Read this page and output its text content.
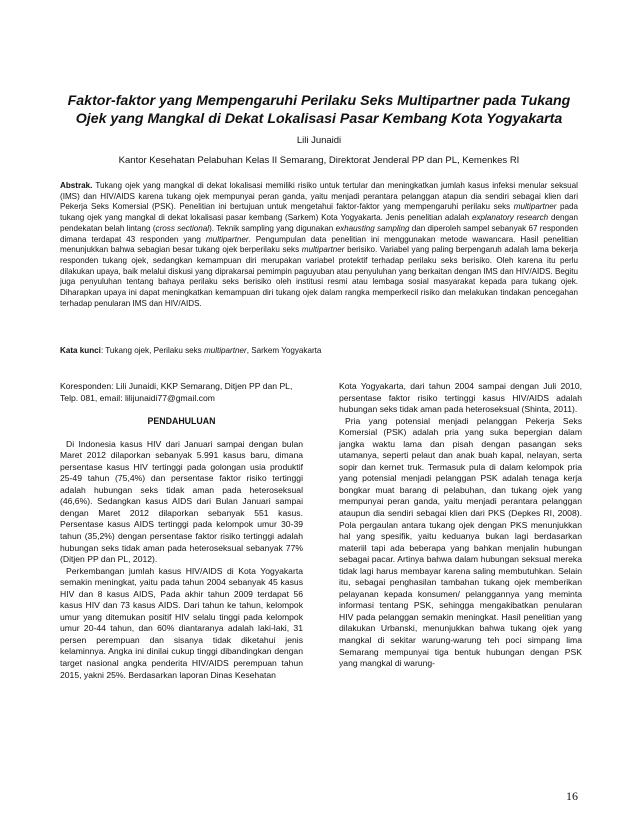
Faktor-faktor yang Mempengaruhi Perilaku Seks Multipartner pada Tukang
Ojek yang Mangkal di Dekat Lokalisasi Pasar Kembang Kota Yogyakarta
Lili Junaidi
Kantor Kesehatan Pelabuhan Kelas II Semarang, Direktorat Jenderal PP dan PL, Kemenkes RI

Abstrak. Tukang ojek yang mangkal di dekat lokalisasi memiliki risiko untuk tertular dan meningkatkan jumlah kasus infeksi menular seksual (IMS) dan HIV/AIDS karena tukang ojek mempunyai peran ganda, yaitu menjadi perantara pelanggan atapun dia sendiri sebagai klien dari Pekerja Seks Komersial (PSK). Penelitian ini bertujuan untuk mengetahui faktor-faktor yang mempengaruhi perilaku seks multipartner pada tukang ojek yang mangkal di dekat lokalisasi pasar kembang (Sarkem) Kota Yogyakarta. Jenis penelitian adalah explanatory research dengan pendekatan belah lintang (cross sectional). Teknik sampling yang digunakan exhausting sampling dan diperoleh sampel sebanyak 67 responden dimana terdapat 43 responden yang multipartner. Pengumpulan data penelitian ini menggunakan metode wawancara. Hasil penelitian menunjukkan bahwa sebagian besar tukang ojek berperilaku seks multipartner berisiko. Variabel yang paling berpengaruh adalah lama bekerja responden tukang ojek, sedangkan kemampuan diri merupakan variabel protektif terhadap perilaku seks berisiko. Oleh karena itu perlu dilakukan upaya, baik melalui diskusi yang diprakarsai pemimpin paguyuban atau penyuluhan yang berkaitan dengan IMS dan HIV/AIDS. Begitu juga penyuluhan tentang bahaya perilaku seks berisiko oleh institusi resmi atau lembaga sosial masyarakat kepada para tukang ojek. Diharapkan upaya ini dapat meningkatkan kemampuan diri tukang ojek dalam rangka memperkecil risiko dan melakukan tindakan pencegahan terhadap penularan IMS dan HIV/AIDS.

Kata kunci: Tukang ojek, Perilaku seks multipartner, Sarkem Yogyakarta

Koresponden: Lili Junaidi, KKP Semarang, Ditjen PP dan PL, Telp. 081, email: lilijunaidi77@gmail.com

PENDAHULUAN

Di Indonesia kasus HIV dari Januari sampai dengan bulan Maret 2012 dilaporkan sebanyak 5.991 kasus baru, dimana persentase kasus HIV tertinggi pada golongan usia produktif 25-49 tahun (75,4%) dan persentase faktor risiko tertinggi adalah hubungan seks tidak aman pada heteroseksual (46,6%). Sedangkan kasus AIDS dari Bulan Januari sampai dengan Maret 2012 dilaporkan sebanyak 551 kasus. Persentase kasus AIDS tertinggi pada kelompok umur 30-39 tahun (35,2%) dengan persentase faktor risiko tertinggi adalah hubungan seks tidak aman pada heteroseksual sebanyak 77% (Ditjen PP dan PL, 2012).

Perkembangan jumlah kasus HIV/AIDS di Kota Yogyakarta semakin meningkat, yaitu pada tahun 2004 sebanyak 45 kasus HIV dan 8 kasus AIDS, Pada akhir tahun 2009 terdapat 56 kasus HIV dan 73 kasus AIDS. Dari tahun ke tahun, kelompok umur yang ditemukan positif HIV selalu tinggi pada kelompok umur 20-44 tahun, dan 60% diantaranya adalah laki-laki, 31 persen perempuan dan sisanya tidak diketahui jenis kelaminnya. Angka ini dinilai cukup tinggi dibandingkan dengan target nasional angka penderita HIV/AIDS perempuan tahun 2015, yakni 25%. Berdasarkan laporan Dinas Kesehatan

Kota Yogyakarta, dari tahun 2004 sampai dengan Juli 2010, persentase faktor risiko tertinggi kasus HIV/AIDS adalah hubungan seks tidak aman pada heteroseksual (Shinta, 2011).

Pria yang potensial menjadi pelanggan Pekerja Seks Komersial (PSK) adalah pria yang suka bepergian dalam jangka waktu lama dan pisah dengan pasangan seks utamanya, seperti pelaut dan anak buah kapal, nelayan, serta sopir dan kernet truk. Termasuk pula di dalam kelompok pria yang potensial menjadi pelanggan PSK adalah tenaga kerja bongkar muat barang di pelabuhan, dan tukang ojek yang mempunyai peran ganda, yaitu menjadi perantara pelanggan ataupun dia sendiri sebagai klien dari PKS (Depkes RI, 2008). Pola pergaulan antara tukang ojek dengan PKS menunjukkan hal yang spesifik, yaitu keduanya bukan lagi berdasarkan materiil tapi ada beberapa yang bahkan menjalin hubungan sebagai pacar. Artinya bahwa dalam hubungan seksual mereka tidak lagi harus membayar karena saling membutuhkan. Selain itu, sebagai penghasilan tambahan tukang ojek memberikan pelayanan kepada konsumen/ pelanggannya yang meminta informasi tentang PSK, sehingga mengakibatkan penularan HIV pada pelanggan semakin meningkat. Hasil penelitian yang dilakukan Urbanski, menunjukkan bahwa tukang ojek yang mangkal di sekitar warung-warung teh poci simpang lima Semarang mempunyai tiga bentuk hubungan dengan PSK yang mangkal di warung-

16
